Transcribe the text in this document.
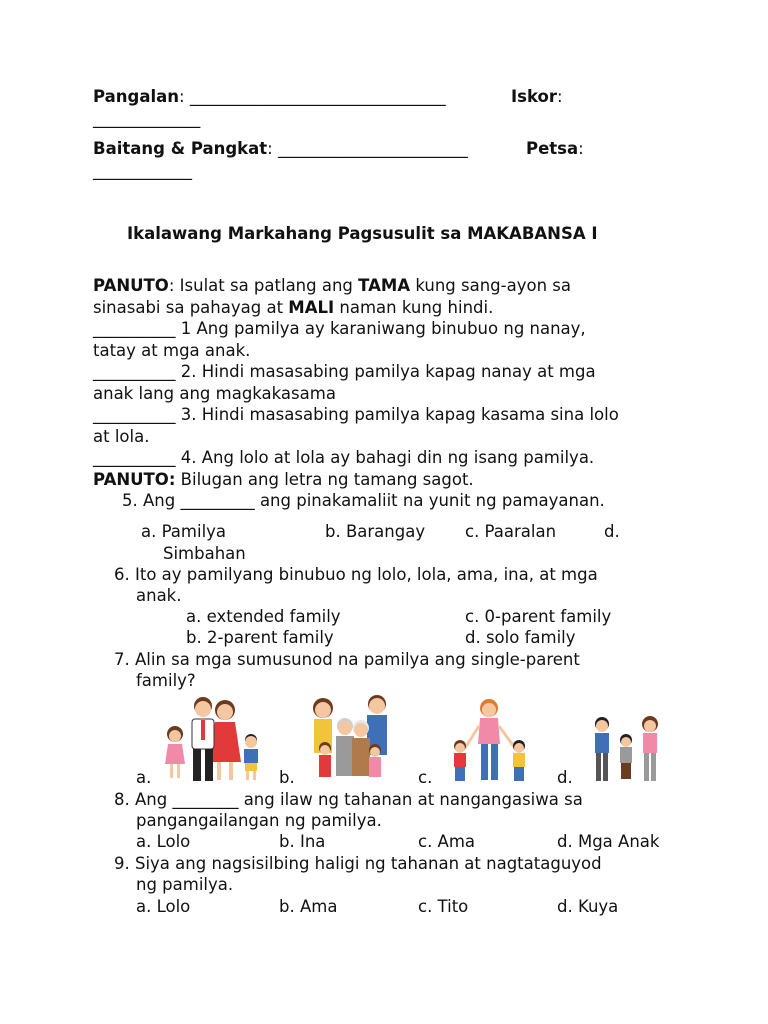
Pangalan: _______________________________	Iskor:
_____________
Baitang & Pangkat: _______________________	Petsa:
____________
Ikalawang Markahang Pagsusulit sa MAKABANSA I
PANUTO: Isulat sa patlang ang TAMA kung sang-ayon sa
sinasabi sa pahayag at MALI naman kung hindi.
__________ 1 Ang pamilya ay karaniwang binubuo ng nanay,
tatay at mga anak.
__________ 2. Hindi masasabing pamilya kapag nanay at mga
anak lang ang magkakasama
__________ 3. Hindi masasabing pamilya kapag kasama sina lolo
at lola.
__________ 4. Ang lolo at lola ay bahagi din ng isang pamilya.
PANUTO: Bilugan ang letra ng tamang sagot.
5. Ang _________ ang pinakamaliit na yunit ng pamayanan.
a. Pamilya	b. Barangay c. Paaralan	d.
Simbahan
6. Ito ay pamilyang binubuo ng lolo, lola, ama, ina, at mga
anak.
a. extended family	c. 0-parent family
b. 2-parent family	d. solo family
7. Alin sa mga sumusunod na pamilya ang single-parent
family?
a.	b.	c.	d.
8. Ang ________ ang ilaw ng tahanan at nangangasiwa sa
pangangailangan ng pamilya.
a. Lolo	b. Ina	c. Ama	d. Mga Anak
9. Siya ang nagsisilbing haligi ng tahanan at nagtataguyod
ng pamilya.
a. Lolo	b. Ama	c. Tito	d. Kuya
